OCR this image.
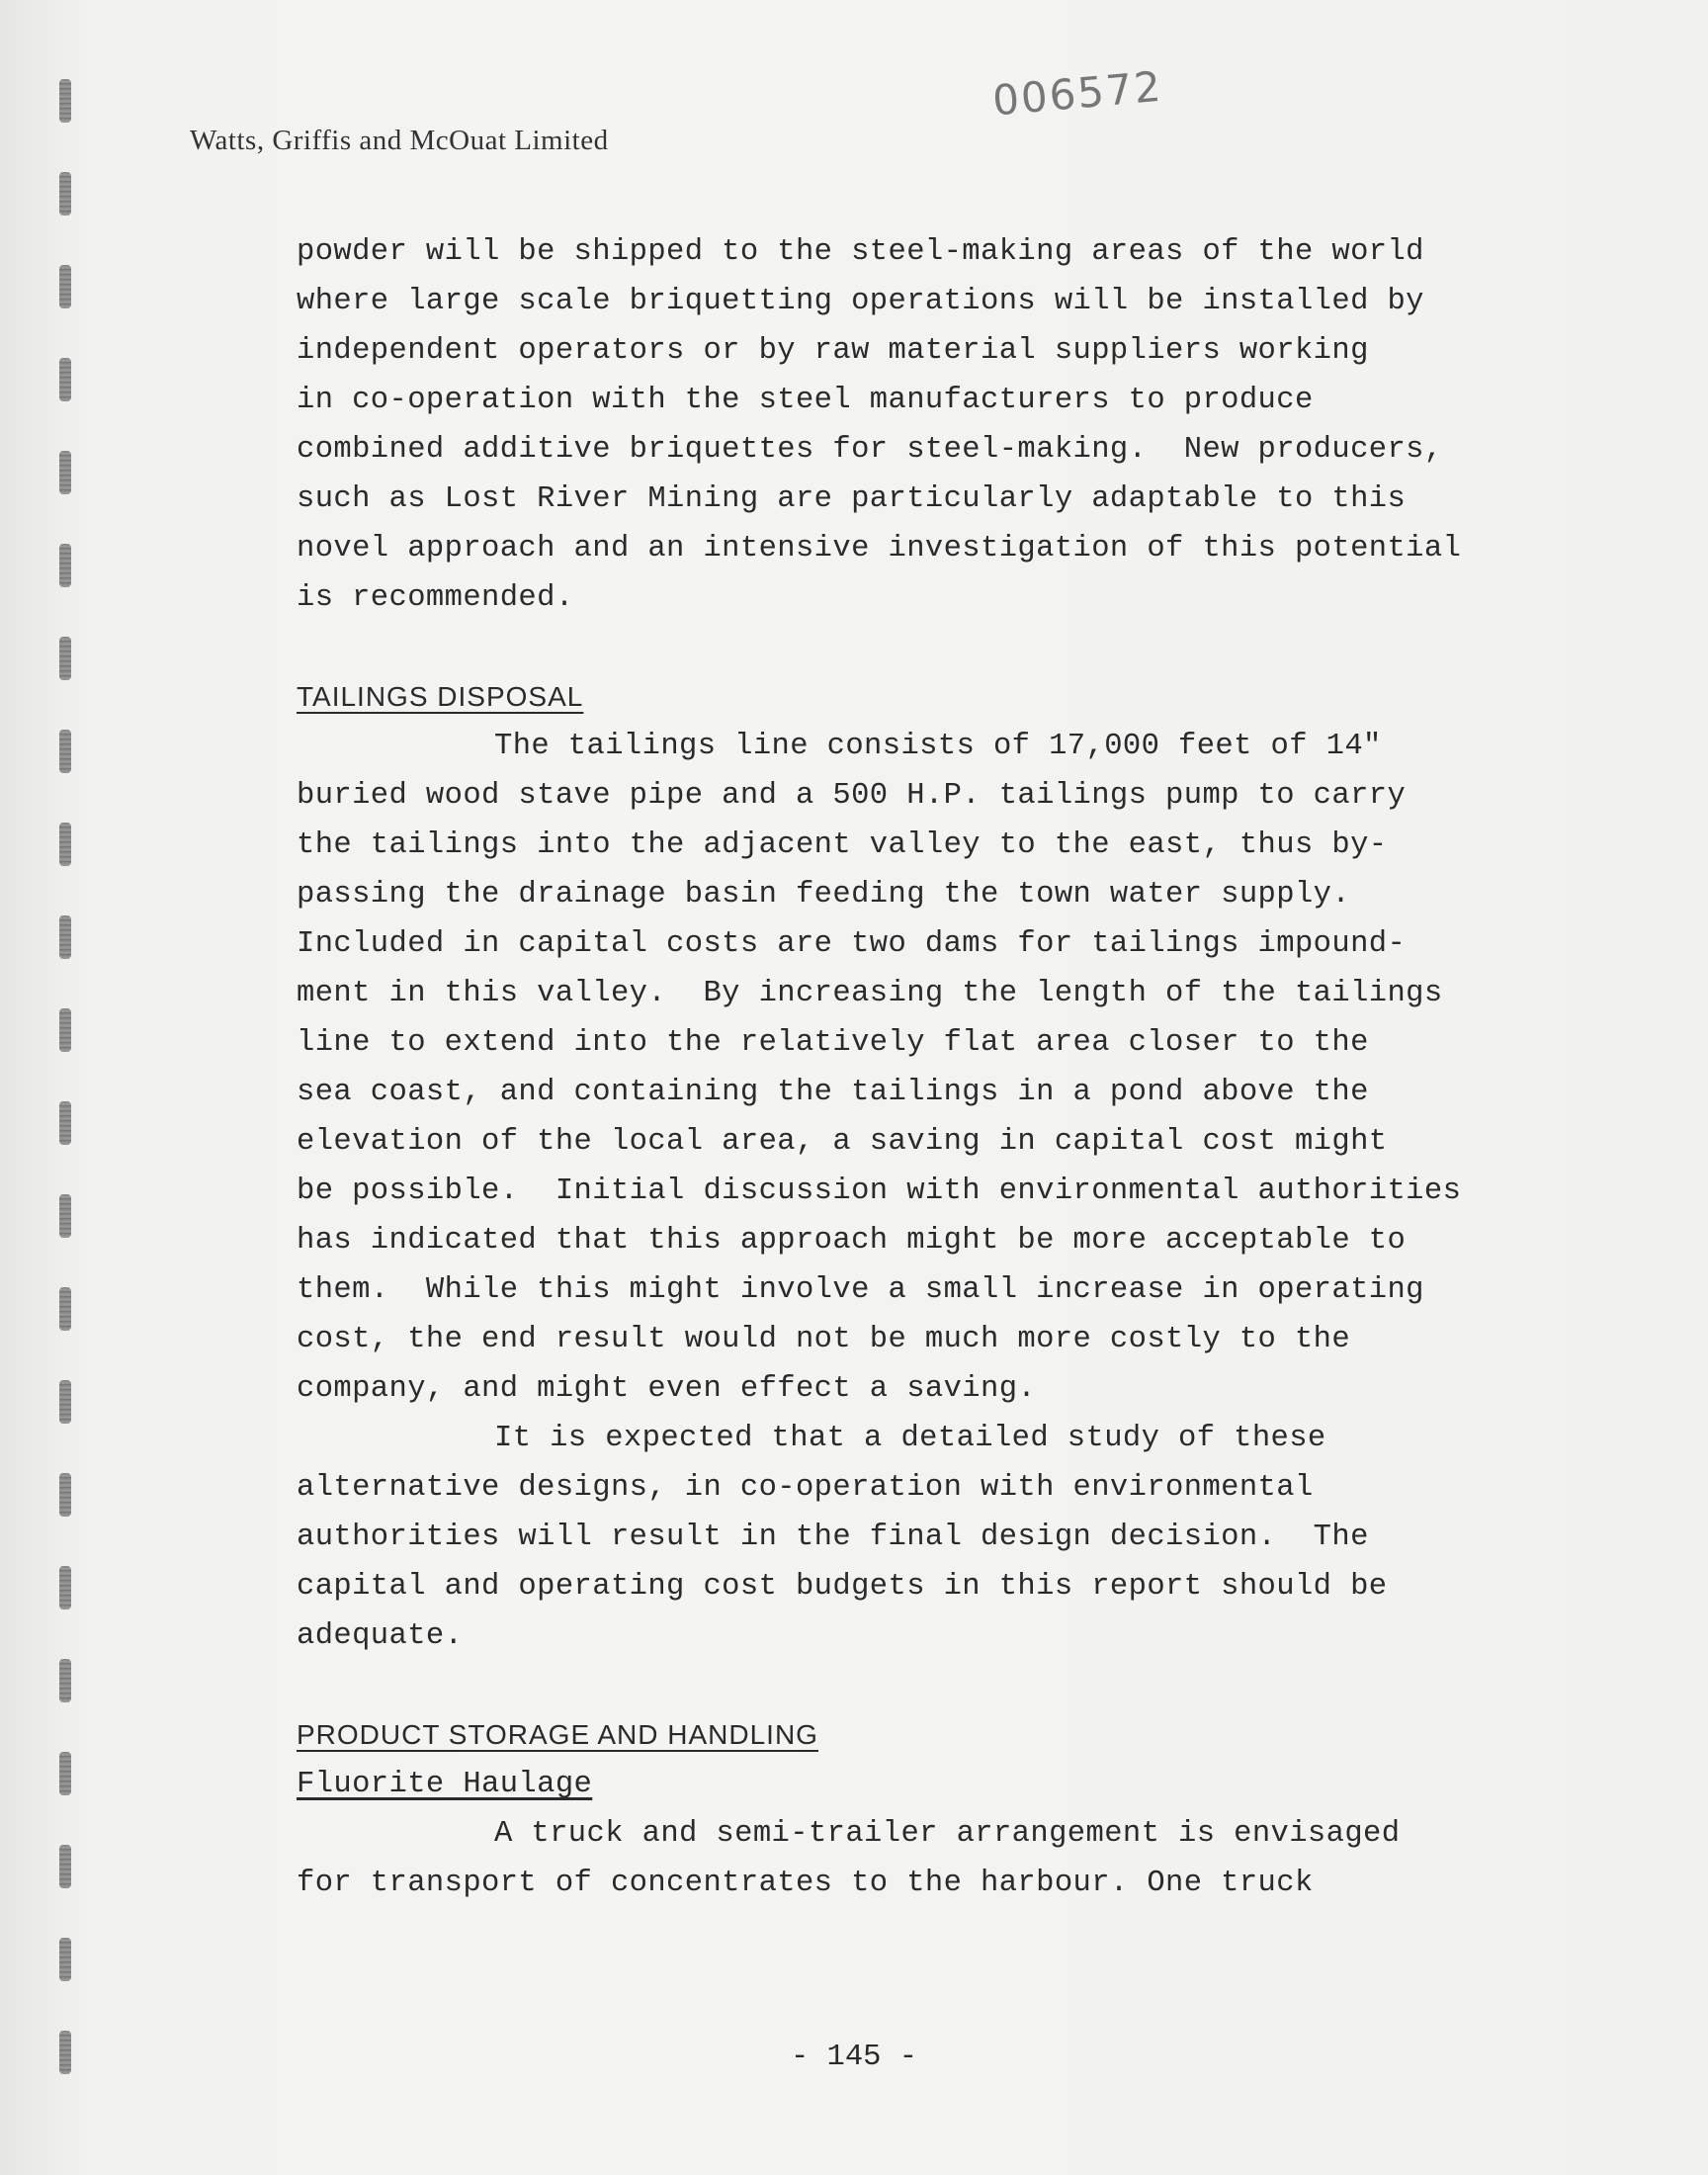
Watts, Griffis and McOuat Limited
006572
powder will be shipped to the steel-making areas of the world
where large scale briquetting operations will be installed by
independent operators or by raw material suppliers working
in co-operation with the steel manufacturers to produce
combined additive briquettes for steel-making.  New producers,
such as Lost River Mining are particularly adaptable to this
novel approach and an intensive investigation of this potential
is recommended.
TAILINGS DISPOSAL
The tailings line consists of 17,000 feet of 14"
buried wood stave pipe and a 500 H.P. tailings pump to carry
the tailings into the adjacent valley to the east, thus by-
passing the drainage basin feeding the town water supply.
Included in capital costs are two dams for tailings impound-
ment in this valley.  By increasing the length of the tailings
line to extend into the relatively flat area closer to the
sea coast, and containing the tailings in a pond above the
elevation of the local area, a saving in capital cost might
be possible.  Initial discussion with environmental authorities
has indicated that this approach might be more acceptable to
them.  While this might involve a small increase in operating
cost, the end result would not be much more costly to the
company, and might even effect a saving.
It is expected that a detailed study of these
alternative designs, in co-operation with environmental
authorities will result in the final design decision.  The
capital and operating cost budgets in this report should be
adequate.
PRODUCT STORAGE AND HANDLING
Fluorite Haulage
A truck and semi-trailer arrangement is envisaged
for transport of concentrates to the harbour. One truck
- 145 -
